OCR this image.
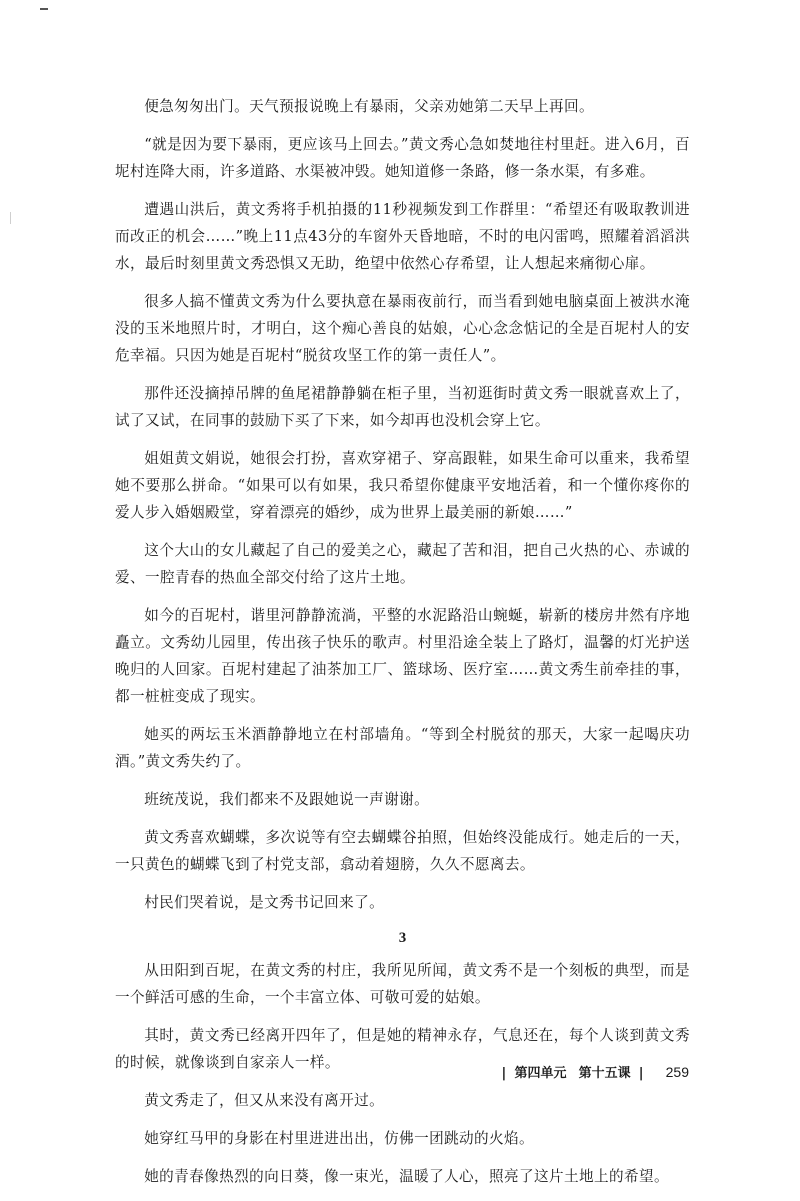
便急匆匆出门。天气预报说晚上有暴雨，父亲劝她第二天早上再回。

“就是因为要下暴雨，更应该马上回去。”黄文秀心急如焚地往村里赶。进入6月，百坭村连降大雨，许多道路、水渠被冲毁。她知道修一条路，修一条水渠，有多难。

遭遇山洪后，黄文秀将手机拍摄的11秒视频发到工作群里：“希望还有吸取教训进而改正的机会……”晚上11点43分的车窗外天昏地暗，不时的电闪雷鸣，照耀着滔滔洪水，最后时刻里黄文秀恐惧又无助，绝望中依然心存希望，让人想起来痛彻心扉。

很多人搞不懂黄文秀为什么要执意在暴雨夜前行，而当看到她电脑桌面上被洪水淹没的玉米地照片时，才明白，这个痴心善良的姑娘，心心念念惦记的全是百坭村人的安危幸福。只因为她是百坭村“脱贫攻坚工作的第一责任人”。

那件还没摘掉吊牌的鱼尾裙静静躺在柜子里，当初逛街时黄文秀一眼就喜欢上了，试了又试，在同事的鼓励下买了下来，如今却再也没机会穿上它。

姐姐黄文娟说，她很会打扮，喜欢穿裙子、穿高跟鞋，如果生命可以重来，我希望她不要那么拼命。“如果可以有如果，我只希望你健康平安地活着，和一个懂你疼你的爱人步入婚姻殿堂，穿着漂亮的婚纱，成为世界上最美丽的新娘……”

这个大山的女儿藏起了自己的爱美之心，藏起了苦和泪，把自己火热的心、赤诚的爱、一腔青春的热血全部交付给了这片土地。

如今的百坭村，谐里河静静流淌，平整的水泥路沿山蜿蜒，崭新的楼房井然有序地矗立。文秀幼儿园里，传出孩子快乐的歌声。村里沿途全装上了路灯，温馨的灯光护送晚归的人回家。百坭村建起了油茶加工厂、篮球场、医疗室……黄文秀生前牵挂的事，都一桩桩变成了现实。

她买的两坛玉米酒静静地立在村部墙角。“等到全村脱贫的那天，大家一起喝庆功酒。”黄文秀失约了。

班统茂说，我们都来不及跟她说一声谢谢。

黄文秀喜欢蝴蝶，多次说等有空去蝴蝶谷拍照，但始终没能成行。她走后的一天，一只黄色的蝴蝶飞到了村党支部，翕动着翅膀，久久不愿离去。

村民们哭着说，是文秀书记回来了。

3

从田阳到百坭，在黄文秀的村庄，我所见所闻，黄文秀不是一个刻板的典型，而是一个鲜活可感的生命，一个丰富立体、可敬可爱的姑娘。

其时，黄文秀已经离开四年了，但是她的精神永存，气息还在，每个人谈到黄文秀的时候，就像谈到自家亲人一样。

黄文秀走了，但又从来没有离开过。

她穿红马甲的身影在村里进进出出，仿佛一团跳动的火焰。

她的青春像热烈的向日葵，像一束光，温暖了人心，照亮了这片土地上的希望。

| 第四单元 第十五课 | 259
